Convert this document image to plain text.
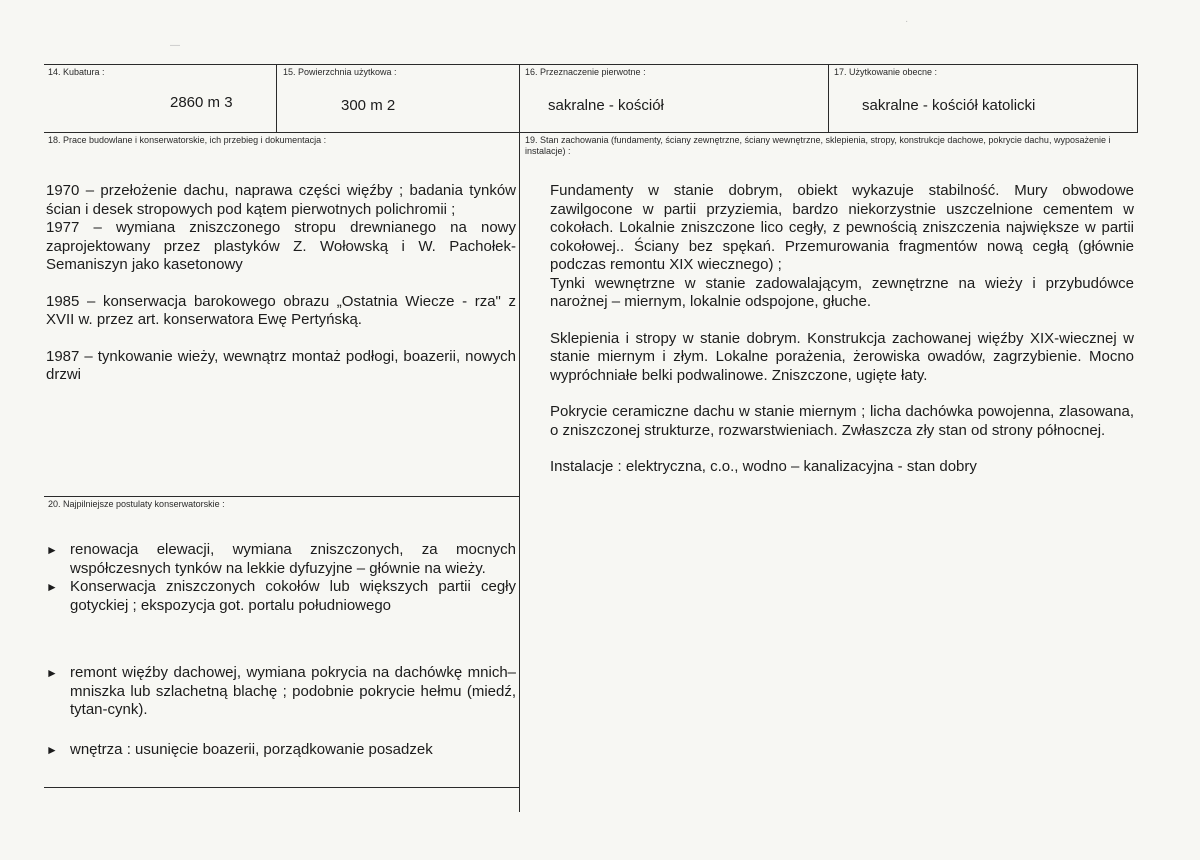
—
·
14. Kubatura :
2860 m 3
15. Powierzchnia użytkowa :
300 m 2
16. Przeznaczenie pierwotne :
sakralne - kościół
17. Użytkowanie obecne :
sakralne - kościół katolicki
18. Prace budowlane i konserwatorskie, ich przebieg i dokumentacja :

1970 – przełożenie dachu, naprawa części więźby ; badania tynków ścian i desek stropowych pod kątem pierwotnych polichromii ;

1977 – wymiana zniszczonego stropu drewnianego na nowy zaprojektowany przez plastyków Z. Wołowską i W. Pachołek-Semaniszyn jako kasetonowy

1985 – konserwacja barokowego obrazu „Ostatnia Wiecze - rza" z XVII w. przez art. konserwatora Ewę Pertyńską.

1987 – tynkowanie wieży, wewnątrz montaż podłogi, boazerii, nowych drzwi

19. Stan zachowania (fundamenty, ściany zewnętrzne, ściany wewnętrzne, sklepienia, stropy, konstrukcje dachowe, pokrycie dachu, wyposażenie i instalacje) :

Fundamenty w stanie dobrym, obiekt wykazuje stabilność. Mury obwodowe zawilgocone w partii przyziemia, bardzo niekorzystnie uszczelnione cementem w cokołach. Lokalnie zniszczone lico cegły, z pewnością zniszczenia największe w partii cokołowej.. Ściany bez spękań. Przemurowania fragmentów nową cegłą (głównie podczas remontu XIX wiecznego) ;

Tynki wewnętrzne w stanie zadowalającym, zewnętrzne na wieży i przybudówce narożnej – miernym, lokalnie odspojone, głuche.

Sklepienia i stropy w stanie dobrym. Konstrukcja zachowanej więźby XIX-wiecznej w stanie miernym i złym. Lokalne porażenia, żerowiska owadów, zagrzybienie. Mocno wypróchniałe belki podwalinowe. Zniszczone, ugięte łaty.

Pokrycie ceramiczne dachu w stanie miernym ; licha dachówka powojenna, zlasowana, o zniszczonej strukturze, rozwarstwieniach. Zwłaszcza zły stan od strony północnej.

Instalacje : elektryczna, c.o., wodno – kanalizacyjna - stan dobry

20. Najpilniejsze postulaty konserwatorskie :
► renowacja elewacji, wymiana zniszczonych, za mocnych współczesnych tynków na lekkie dyfuzyjne – głównie na wieży.
► Konserwacja zniszczonych cokołów lub większych partii cegły gotyckiej ; ekspozycja got. portalu południowego
► remont więźby dachowej, wymiana pokrycia na dachówkę mnich–mniszka lub szlachetną blachę ; podobnie pokrycie hełmu (miedź, tytan-cynk).
► wnętrza : usunięcie boazerii, porządkowanie posadzek
